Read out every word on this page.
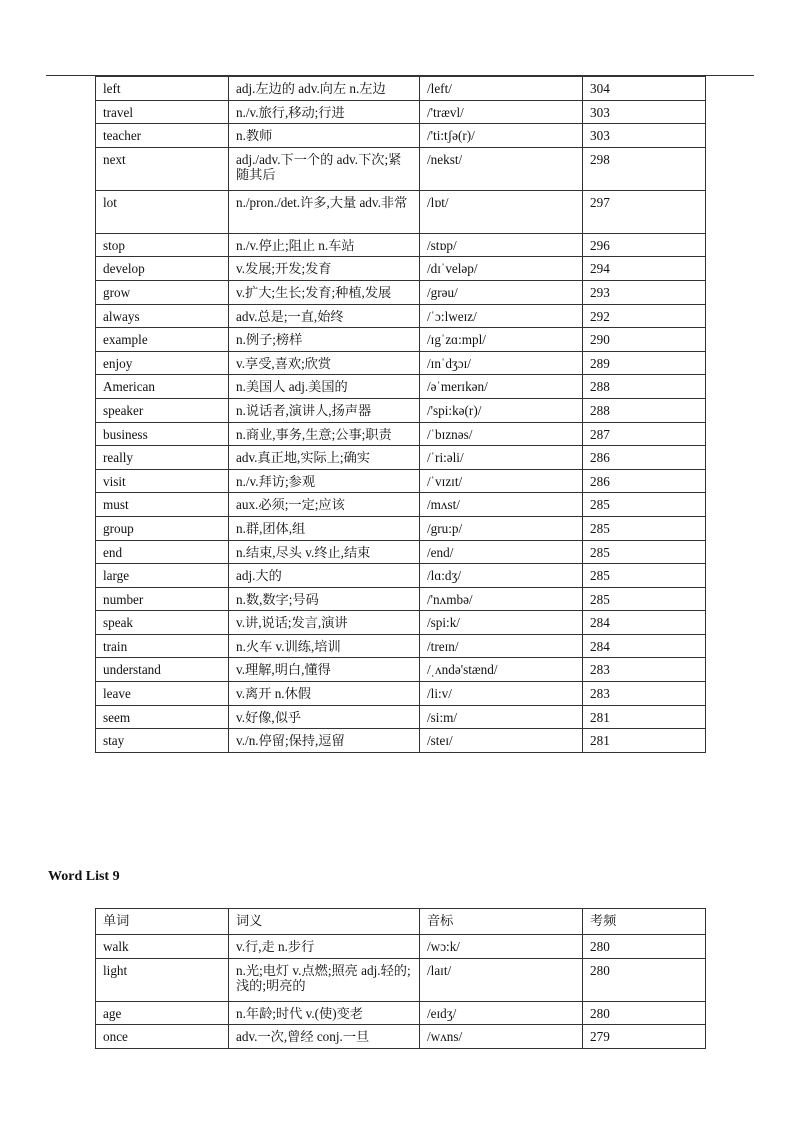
left	adj.左边的 adv.向左 n.左边	/left/	304
travel	n./v.旅行,移动;行进	/'trævl/	303
teacher	n.教师	/'ti:tʃə(r)/	303
next	adj./adv.下一个的 adv.下次;紧随其后	/nekst/	298
lot	n./pron./det.许多,大量 adv.非常	/lɒt/	297
stop	n./v.停止;阻止 n.车站	/stɒp/	296
develop	v.发展;开发;发育	/dɪˈveləp/	294
grow	v.扩大;生长;发育;种植,发展	/grəu/	293
always	adv.总是;一直,始终	/ˈɔ:lweɪz/	292
example	n.例子;榜样	/ɪgˈzɑ:mpl/	290
enjoy	v.享受,喜欢;欣赏	/ɪnˈdʒɔɪ/	289
American	n.美国人 adj.美国的	/əˈmerɪkən/	288
speaker	n.说话者,演讲人,扬声器	/'spi:kə(r)/	288
business	n.商业,事务,生意;公事;职责	/ˈbɪznəs/	287
really	adv.真正地,实际上;确实	/ˈri:əli/	286
visit	n./v.拜访;参观	/ˈvɪzɪt/	286
must	aux.必须;一定;应该	/mʌst/	285
group	n.群,团体,组	/gru:p/	285
end	n.结束,尽头 v.终止,结束	/end/	285
large	adj.大的	/lɑ:dʒ/	285
number	n.数,数字;号码	/'nʌmbə/	285
speak	v.讲,说话;发言,演讲	/spi:k/	284
train	n.火车 v.训练,培训	/treɪn/	284
understand	v.理解,明白,懂得	/ˌʌndə'stænd/	283
leave	v.离开 n.休假	/li:v/	283
seem	v.好像,似乎	/si:m/	281
stay	v./n.停留;保持,逗留	/steɪ/	281
Word List 9
单词	词义	音标	考频
walk	v.行,走 n.步行	/wɔ:k/	280
light	n.光;电灯 v.点燃;照亮 adj.轻的;浅的;明亮的	/laɪt/	280
age	n.年龄;时代 v.(使)变老	/eɪdʒ/	280
once	adv.一次,曾经 conj.一旦	/wʌns/	279
